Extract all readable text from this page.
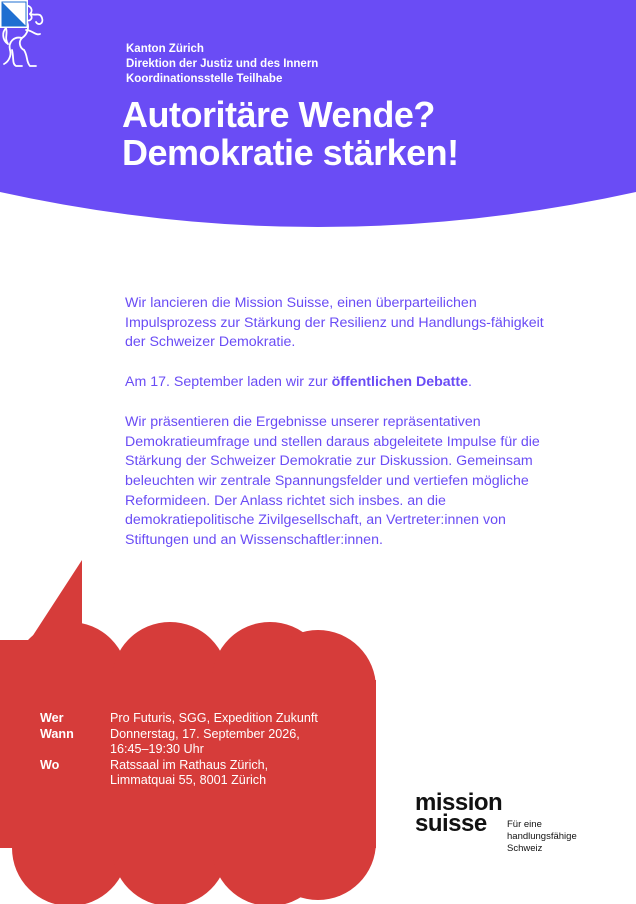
Kanton Zürich
Direktion der Justiz und des Innern
Koordinationsstelle Teilhabe
Autoritäre Wende?
Demokratie stärken!

Wir lancieren die Mission Suisse, einen überparteilichen Impulsprozess zur Stärkung der Resilienz und Handlungs-fähigkeit der Schweizer Demokratie.

Am 17. September laden wir zur öffentlichen Debatte.

Wir präsentieren die Ergebnisse unserer repräsentativen Demokratieumfrage und stellen daraus abgeleitete Impulse für die Stärkung der Schweizer Demokratie zur Diskussion. Gemeinsam beleuchten wir zentrale Spannungsfelder und vertiefen mögliche Reformideen. Der Anlass richtet sich insbes. an die demokratiepolitische Zivilgesellschaft, an Vertreter:innen von Stiftungen und an Wissenschaftler:innen.

Wer	Pro Futuris, SGG, Expedition Zukunft
Wann	Donnerstag, 17. September 2026,
16:45–19:30 Uhr
Wo	Ratssaal im Rathaus Zürich,
Limmatquai 55, 8001 Zürich
mission
suisse	Für eine
handlungsfähige
Schweiz
